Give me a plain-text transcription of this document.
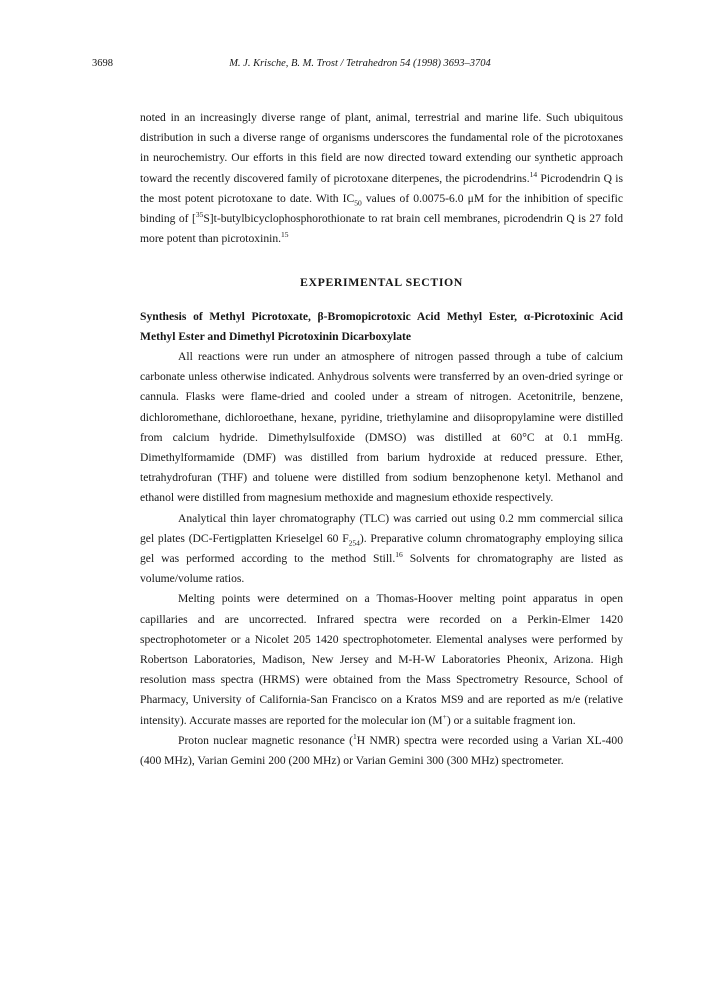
3698	M. J. Krische, B. M. Trost / Tetrahedron 54 (1998) 3693–3704

noted in an increasingly diverse range of plant, animal, terrestrial and marine life. Such ubiquitous distribution in such a diverse range of organisms underscores the fundamental role of the picrotoxanes in neurochemistry. Our efforts in this field are now directed toward extending our synthetic approach toward the recently discovered family of picrotoxane diterpenes, the picrodendrins.$^{14}$ Picrodendrin Q is the most potent picrotoxane to date. With $IC_{50}$ values of 0.0075-6.0 μM for the inhibition of specific binding of [$^{35}$S]t-butylbicyclophosphorothionate to rat brain cell membranes, picrodendrin Q is 27 fold more potent than picrotoxinin.$^{15}$

EXPERIMENTAL SECTION

Synthesis of Methyl Picrotoxate, β-Bromopicrotoxic Acid Methyl Ester, α-Picrotoxinic Acid Methyl Ester and Dimethyl Picrotoxinin Dicarboxylate

All reactions were run under an atmosphere of nitrogen passed through a tube of calcium carbonate unless otherwise indicated. Anhydrous solvents were transferred by an oven-dried syringe or cannula. Flasks were flame-dried and cooled under a stream of nitrogen. Acetonitrile, benzene, dichloromethane, dichloroethane, hexane, pyridine, triethylamine and diisopropylamine were distilled from calcium hydride. Dimethylsulfoxide (DMSO) was distilled at 60°C at 0.1 mmHg. Dimethylformamide (DMF) was distilled from barium hydroxide at reduced pressure. Ether, tetrahydrofuran (THF) and toluene were distilled from sodium benzophenone ketyl. Methanol and ethanol were distilled from magnesium methoxide and magnesium ethoxide respectively.

Analytical thin layer chromatography (TLC) was carried out using 0.2 mm commercial silica gel plates (DC-Fertigplatten Krieselgel 60 $F_{254}$). Preparative column chromatography employing silica gel was performed according to the method Still.$^{16}$ Solvents for chromatography are listed as volume/volume ratios.

Melting points were determined on a Thomas-Hoover melting point apparatus in open capillaries and are uncorrected. Infrared spectra were recorded on a Perkin-Elmer 1420 spectrophotometer or a Nicolet 205 1420 spectrophotometer. Elemental analyses were performed by Robertson Laboratories, Madison, New Jersey and M-H-W Laboratories Pheonix, Arizona. High resolution mass spectra (HRMS) were obtained from the Mass Spectrometry Resource, School of Pharmacy, University of California-San Francisco on a Kratos MS9 and are reported as m/e (relative intensity). Accurate masses are reported for the molecular ion (M+) or a suitable fragment ion.

Proton nuclear magnetic resonance ($^1$H NMR) spectra were recorded using a Varian XL-400 (400 MHz), Varian Gemini 200 (200 MHz) or Varian Gemini 300 (300 MHz) spectrometer.
